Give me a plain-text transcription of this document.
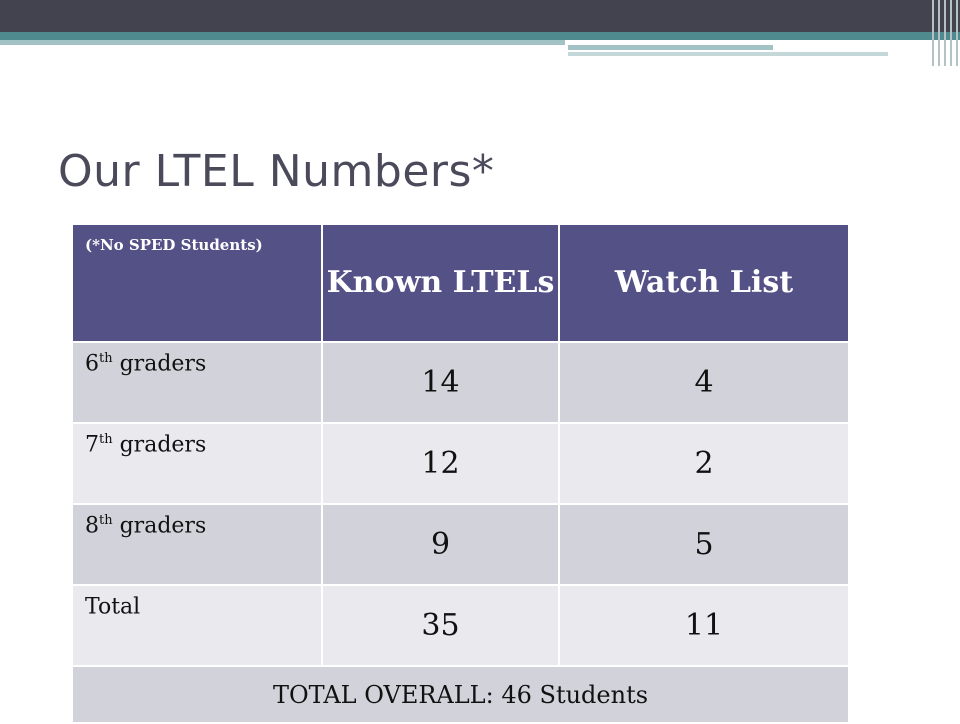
Our LTEL Numbers*
(*No SPED Students)	Known LTELs	Watch List
6th graders	14	4
7th graders	12	2
8th graders	9	5
Total	35	11
TOTAL OVERALL: 46 Students		
